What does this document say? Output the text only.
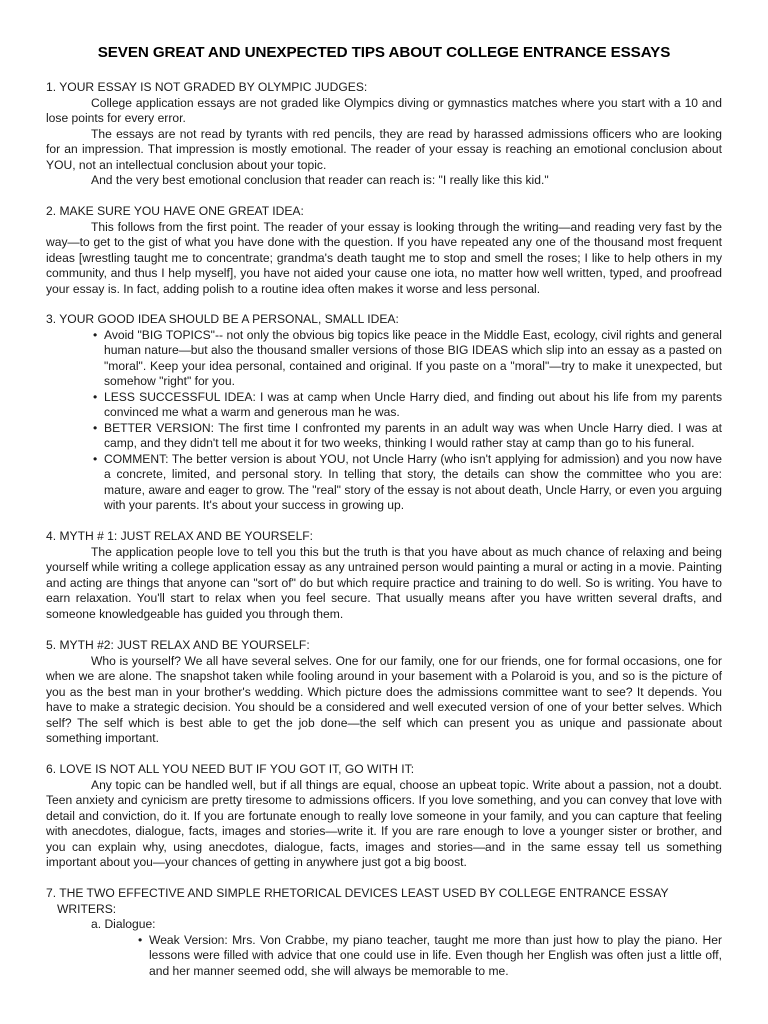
SEVEN GREAT AND UNEXPECTED TIPS ABOUT COLLEGE ENTRANCE ESSAYS

1. YOUR ESSAY IS NOT GRADED BY OLYMPIC JUDGES:

College application essays are not graded like Olympics diving or gymnastics matches where you start with a 10 and lose points for every error.

The essays are not read by tyrants with red pencils, they are read by harassed admissions officers who are looking for an impression. That impression is mostly emotional. The reader of your essay is reaching an emotional conclusion about YOU, not an intellectual conclusion about your topic.

And the very best emotional conclusion that reader can reach is: "I really like this kid."

2. MAKE SURE YOU HAVE ONE GREAT IDEA:

This follows from the first point. The reader of your essay is looking through the writing—and reading very fast by the way—to get to the gist of what you have done with the question. If you have repeated any one of the thousand most frequent ideas [wrestling taught me to concentrate; grandma's death taught me to stop and smell the roses; I like to help others in my community, and thus I help myself], you have not aided your cause one iota, no matter how well written, typed, and proofread your essay is. In fact, adding polish to a routine idea often makes it worse and less personal.

3. YOUR GOOD IDEA SHOULD BE A PERSONAL, SMALL IDEA:

• Avoid "BIG TOPICS"-- not only the obvious big topics like peace in the Middle East, ecology, civil rights and general human nature—but also the thousand smaller versions of those BIG IDEAS which slip into an essay as a pasted on "moral". Keep your idea personal, contained and original. If you paste on a "moral"—try to make it unexpected, but somehow "right" for you.
• LESS SUCCESSFUL IDEA: I was at camp when Uncle Harry died, and finding out about his life from my parents convinced me what a warm and generous man he was.
• BETTER VERSION: The first time I confronted my parents in an adult way was when Uncle Harry died. I was at camp, and they didn't tell me about it for two weeks, thinking I would rather stay at camp than go to his funeral.
• COMMENT: The better version is about YOU, not Uncle Harry (who isn't applying for admission) and you now have a concrete, limited, and personal story. In telling that story, the details can show the committee who you are: mature, aware and eager to grow. The "real" story of the essay is not about death, Uncle Harry, or even you arguing with your parents. It's about your success in growing up.

4. MYTH # 1: JUST RELAX AND BE YOURSELF:

The application people love to tell you this but the truth is that you have about as much chance of relaxing and being yourself while writing a college application essay as any untrained person would painting a mural or acting in a movie. Painting and acting are things that anyone can "sort of" do but which require practice and training to do well. So is writing. You have to earn relaxation. You'll start to relax when you feel secure. That usually means after you have written several drafts, and someone knowledgeable has guided you through them.

5. MYTH #2: JUST RELAX AND BE YOURSELF:

Who is yourself? We all have several selves. One for our family, one for our friends, one for formal occasions, one for when we are alone. The snapshot taken while fooling around in your basement with a Polaroid is you, and so is the picture of you as the best man in your brother's wedding. Which picture does the admissions committee want to see? It depends. You have to make a strategic decision. You should be a considered and well executed version of one of your better selves. Which self? The self which is best able to get the job done—the self which can present you as unique and passionate about something important.

6. LOVE IS NOT ALL YOU NEED BUT IF YOU GOT IT, GO WITH IT:

Any topic can be handled well, but if all things are equal, choose an upbeat topic. Write about a passion, not a doubt. Teen anxiety and cynicism are pretty tiresome to admissions officers. If you love something, and you can convey that love with detail and conviction, do it. If you are fortunate enough to really love someone in your family, and you can capture that feeling with anecdotes, dialogue, facts, images and stories—write it. If you are rare enough to love a younger sister or brother, and you can explain why, using anecdotes, dialogue, facts, images and stories—and in the same essay tell us something important about you—your chances of getting in anywhere just got a big boost.

7. THE TWO EFFECTIVE AND SIMPLE RHETORICAL DEVICES LEAST USED BY COLLEGE ENTRANCE ESSAY

WRITERS:

a. Dialogue:

• Weak Version: Mrs. Von Crabbe, my piano teacher, taught me more than just how to play the piano. Her lessons were filled with advice that one could use in life. Even though her English was often just a little off, and her manner seemed odd, she will always be memorable to me.
